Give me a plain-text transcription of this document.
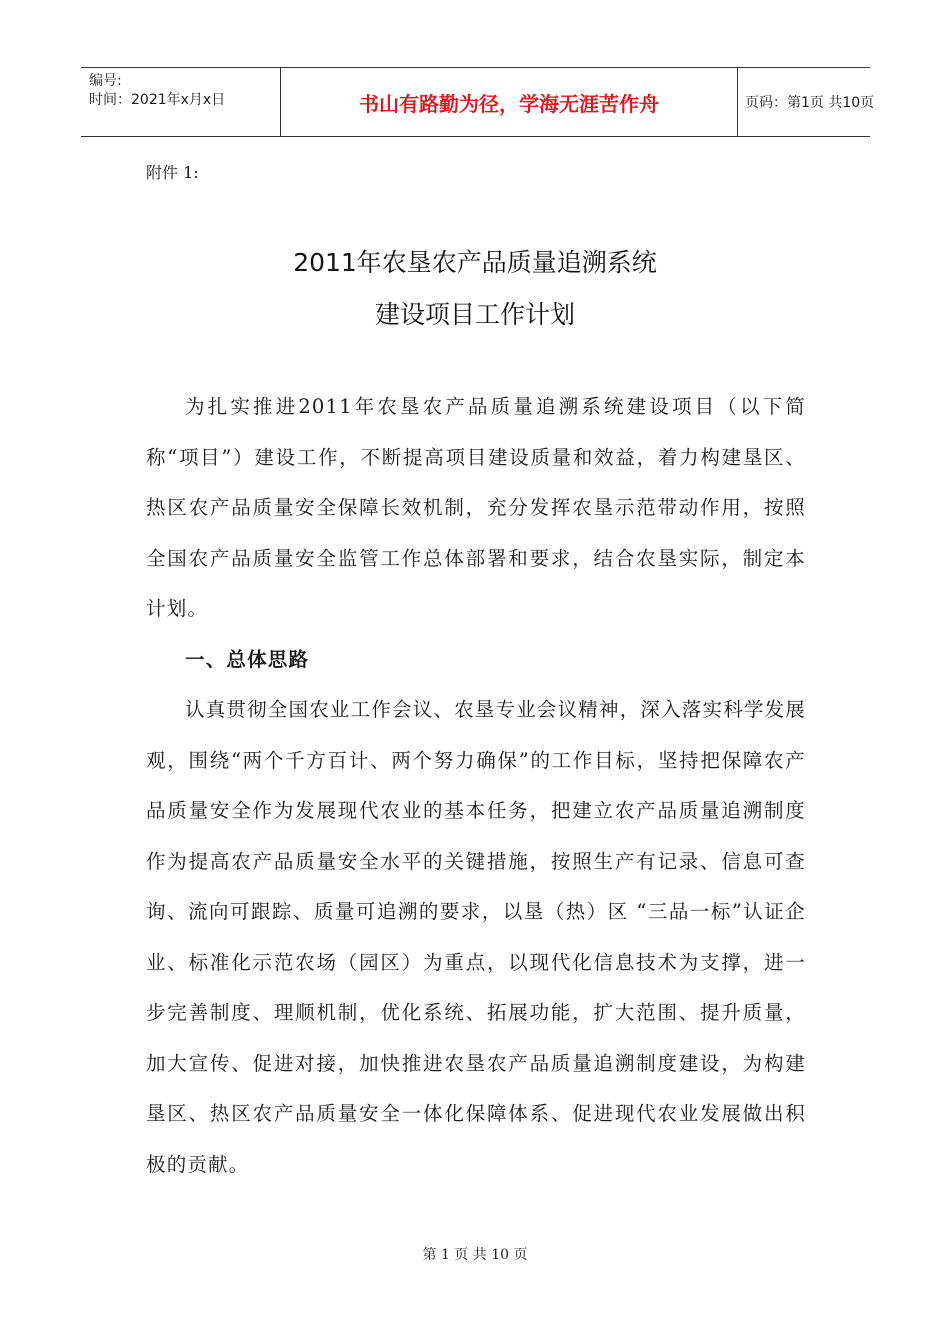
编号:
时间：2021年x月x日	书山有路勤为径，学海无涯苦作舟	页码：第1页 共10页
附件 1:
2011年农垦农产品质量追溯系统
建设项目工作计划

为扎实推进2011年农垦农产品质量追溯系统建设项目（以下简称“项目”）建设工作，不断提高项目建设质量和效益，着力构建垦区、热区农产品质量安全保障长效机制，充分发挥农垦示范带动作用，按照全国农产品质量安全监管工作总体部署和要求，结合农垦实际，制定本计划。

一、总体思路

认真贯彻全国农业工作会议、农垦专业会议精神，深入落实科学发展观，围绕“两个千方百计、两个努力确保”的工作目标，坚持把保障农产品质量安全作为发展现代农业的基本任务，把建立农产品质量追溯制度作为提高农产品质量安全水平的关键措施，按照生产有记录、信息可查询、流向可跟踪、质量可追溯的要求，以垦（热）区 “三品一标”认证企业、标准化示范农场（园区）为重点，以现代化信息技术为支撑，进一步完善制度、理顺机制，优化系统、拓展功能，扩大范围、提升质量，加大宣传、促进对接，加快推进农垦农产品质量追溯制度建设，为构建垦区、热区农产品质量安全一体化保障体系、促进现代农业发展做出积极的贡献。

第 1 页 共 10 页
